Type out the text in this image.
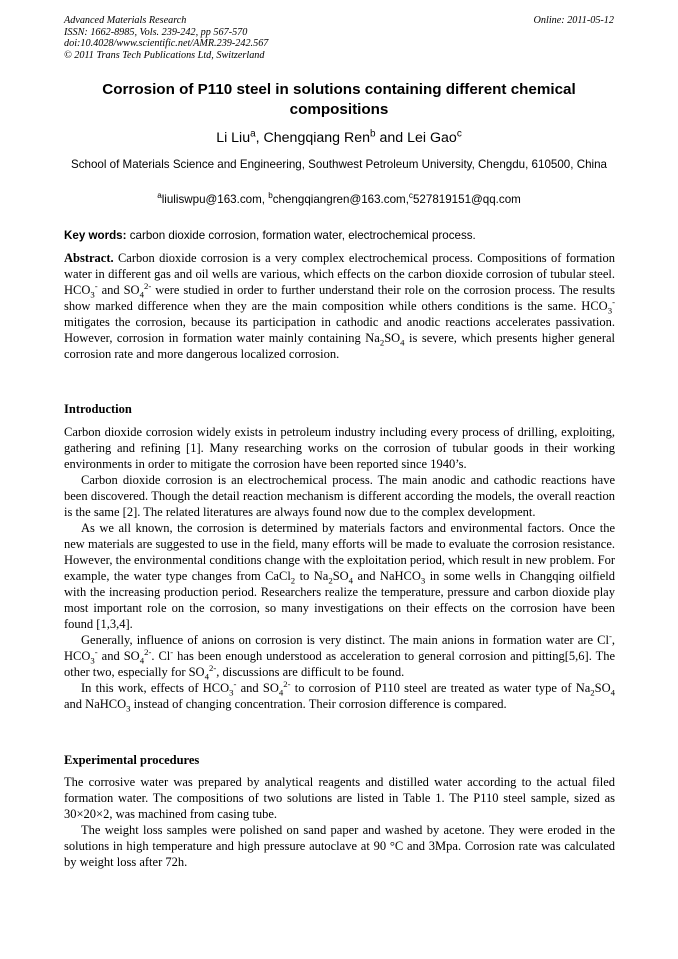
Advanced Materials Research
ISSN: 1662-8985, Vols. 239-242, pp 567-570
doi:10.4028/www.scientific.net/AMR.239-242.567
© 2011 Trans Tech Publications Ltd, Switzerland
Online: 2011-05-12
Corrosion of P110 steel in solutions containing different chemical compositions
Li Liu$^a$, Chengqiang Ren$^b$ and Lei Gao$^c$
School of Materials Science and Engineering, Southwest Petroleum University, Chengdu, 610500, China
$^a$liuliswpu@163.com, $^b$chengqiangren@163.com,$^c$527819151@qq.com
Key words: carbon dioxide corrosion, formation water, electrochemical process.

Abstract. Carbon dioxide corrosion is a very complex electrochemical process. Compositions of formation water in different gas and oil wells are various, which effects on the carbon dioxide corrosion of tubular steel. $HCO_3^-$ and $SO_4^{2-}$ were studied in order to further understand their role on the corrosion process. The results show marked difference when they are the main composition while others conditions is the same. $HCO_3^-$ mitigates the corrosion, because its participation in cathodic and anodic reactions accelerates passivation. However, corrosion in formation water mainly containing $Na_2SO_4$ is severe, which presents higher general corrosion rate and more dangerous localized corrosion.

Introduction

Carbon dioxide corrosion widely exists in petroleum industry including every process of drilling, exploiting, gathering and refining [1]. Many researching works on the corrosion of tubular goods in their working environments in order to mitigate the corrosion have been reported since 1940’s.

Carbon dioxide corrosion is an electrochemical process. The main anodic and cathodic reactions have been discovered. Though the detail reaction mechanism is different according the models, the overall reaction is the same [2]. The related literatures are always found now due to the complex development.

As we all known, the corrosion is determined by materials factors and environmental factors. Once the new materials are suggested to use in the field, many efforts will be made to evaluate the corrosion resistance. However, the environmental conditions change with the exploitation period, which result in new problem. For example, the water type changes from CaCl$_2$ to $Na_2SO_4$ and NaHCO$_3$ in some wells in Changqing oilfield with the increasing production period. Researchers realize the temperature, pressure and carbon dioxide play most important role on the corrosion, so many investigations on their effects on the corrosion have been found [1,3,4].

Generally, influence of anions on corrosion is very distinct. The main anions in formation water are Cl-, $HCO_3^-$ and $SO_4^{2-}$. Cl- has been enough understood as acceleration to general corrosion and pitting[5,6]. The other two, especially for $SO_4^{2-}$, discussions are difficult to be found.

In this work, effects of $HCO_3^-$ and $SO_4^{2-}$ to corrosion of P110 steel are treated as water type of $Na_2SO_4$ and NaHCO$_3$ instead of changing concentration. Their corrosion difference is compared.

Experimental procedures

The corrosive water was prepared by analytical reagents and distilled water according to the actual filed formation water. The compositions of two solutions are listed in Table 1. The P110 steel sample, sized as 30×20×2, was machined from casing tube.

The weight loss samples were polished on sand paper and washed by acetone. They were eroded in the solutions in high temperature and high pressure autoclave at 90 °C and 3Mpa. Corrosion rate was calculated by weight loss after 72h.
